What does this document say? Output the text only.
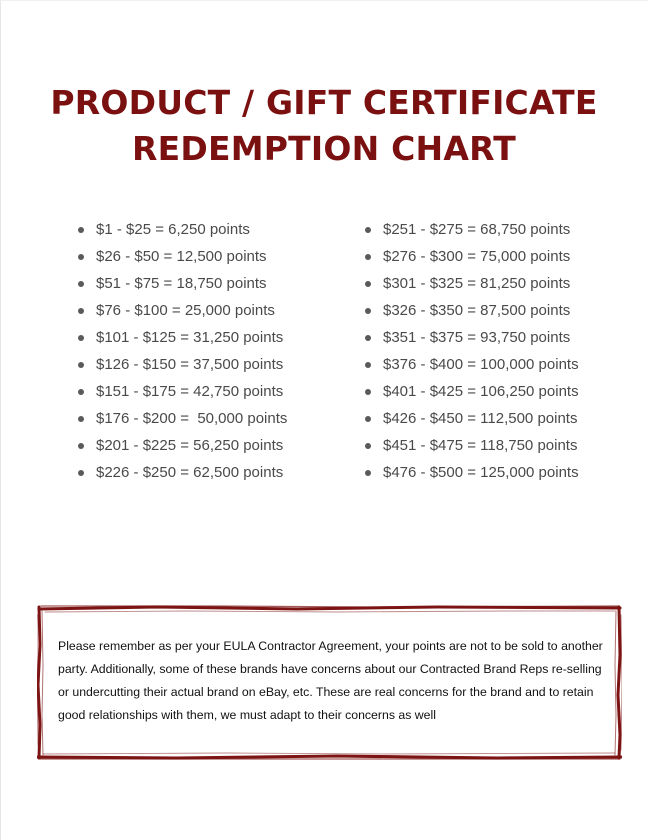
PRODUCT / GIFT CERTIFICATE
REDEMPTION CHART
$1 - $25 = 6,250 points
$26 - $50 = 12,500 points
$51 - $75 = 18,750 points
$76 - $100 = 25,000 points
$101 - $125 = 31,250 points
$126 - $150 = 37,500 points
$151 - $175 = 42,750 points
$176 - $200 =  50,000 points
$201 - $225 = 56,250 points
$226 - $250 = 62,500 points
$251 - $275 = 68,750 points
$276 - $300 = 75,000 points
$301 - $325 = 81,250 points
$326 - $350 = 87,500 points
$351 - $375 = 93,750 points
$376 - $400 = 100,000 points
$401 - $425 = 106,250 points
$426 - $450 = 112,500 points
$451 - $475 = 118,750 points
$476 - $500 = 125,000 points
Please remember as per your EULA Contractor Agreement, your points are not to be sold to another party. Additionally, some of these brands have concerns about our Contracted Brand Reps re-selling or undercutting their actual brand on eBay, etc. These are real concerns for the brand and to retain good relationships with them, we must adapt to their concerns as well
